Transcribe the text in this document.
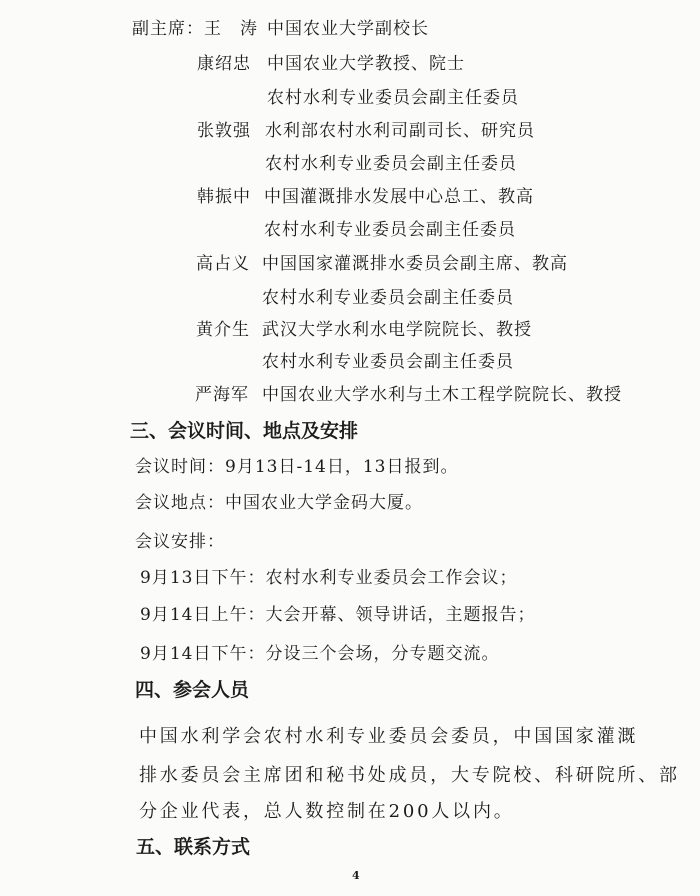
副主席： 王　涛 中国农业大学副校长
康绍忠 中国农业大学教授、院士
农村水利专业委员会副主任委员
张敦强 水利部农村水利司副司长、研究员
农村水利专业委员会副主任委员
韩振中 中国灌溉排水发展中心总工、教高
农村水利专业委员会副主任委员
高占义 中国国家灌溉排水委员会副主席、教高
农村水利专业委员会副主任委员
黄介生 武汉大学水利水电学院院长、教授
农村水利专业委员会副主任委员
严海军 中国农业大学水利与土木工程学院院长、教授
三、会议时间、地点及安排
会议时间：9月13日-14日，13日报到。
会议地点：中国农业大学金码大厦。
会议安排：
9月13日下午：农村水利专业委员会工作会议；
9月14日上午：大会开幕、领导讲话，主题报告；
9月14日下午：分设三个会场，分专题交流。
四、参会人员
中国水利学会农村水利专业委员会委员，中国国家灌溉
排水委员会主席团和秘书处成员，大专院校、科研院所、部
分企业代表，总人数控制在200人以内。
五、联系方式
4
